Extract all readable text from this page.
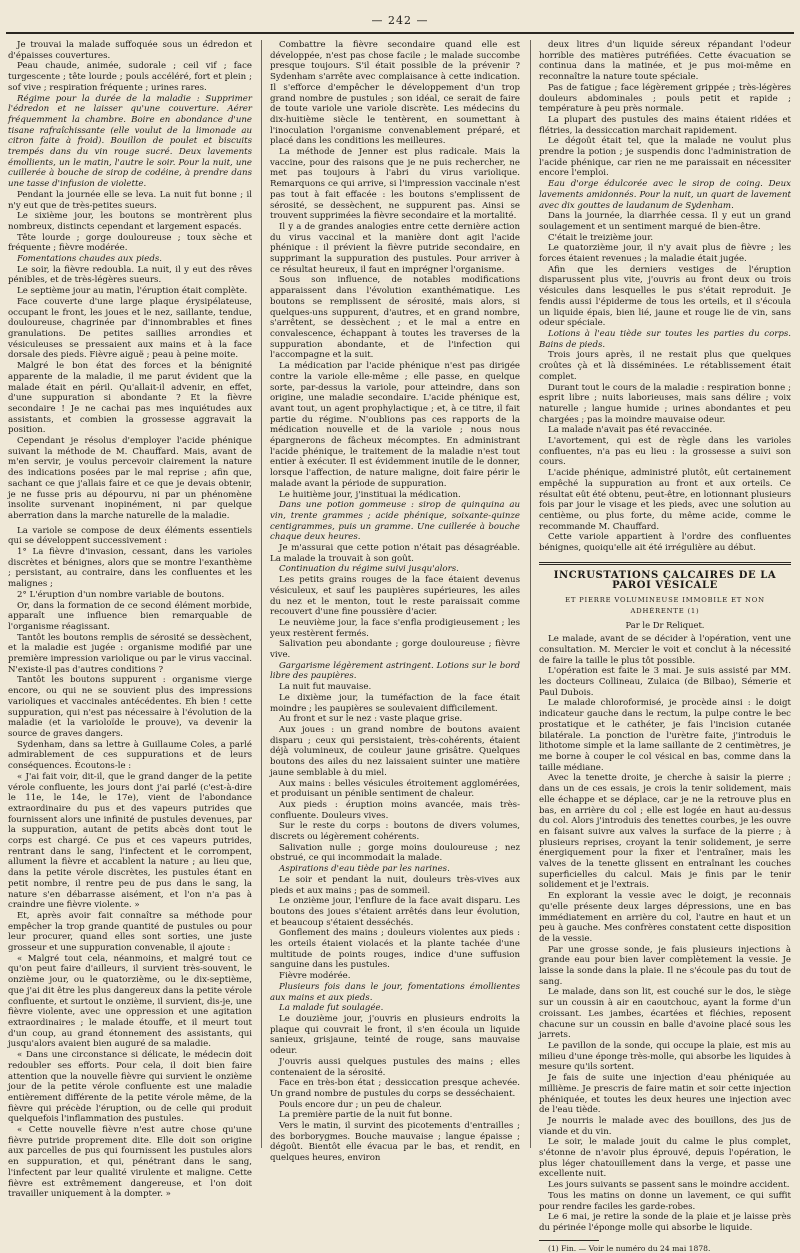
— 242 —

Je trouvai la malade suffoquée sous un édredon et d'épaisses couvertures.

Peau chaude, animée, sudorale ; ceil vif ; face turgescente ; tête lourde ; pouls accéléré, fort et plein ; sof vive ; respiration fréquente ; urines rares.

Régime pour la durée de la maladie : Supprimer l'édredon et ne laisser qu'une couverture. Aérer fréquemment la chambre. Boire en abondance d'une tisane rafraîchissante (elle voulut de la limonade au citron faite à froid). Bouillon de poulet et biscuits trempés dans du vin rouge sucré. Deux lavements émollients, un le matin, l'autre le soir. Pour la nuit, une cuillerée à bouche de sirop de codéine, à prendre dans une tasse d'infusion de violette.

Pendant la journée elle se leva. La nuit fut bonne ; il n'y eut que de très-petites sueurs.

Le sixième jour, les boutons se montrèrent plus nombreux, distincts cependant et largement espacés.

Tête lourde ; gorge douloureuse ; toux sèche et fréquente ; fièvre modérée.

Fomentations chaudes aux pieds.

Le soir, la fièvre redoubla. La nuit, il y eut des rêves pénibles, et de très-légères sueurs.

Le septième jour au matin, l'éruption était complète.

Face couverte d'une large plaque érysipélateuse, occupant le front, les joues et le nez, saillante, tendue, douloureuse, chagrinée par d'innombrables et fines granulations. De petites saillies arrondies et vésiculeuses se pressaient aux mains et à la face dorsale des pieds. Fièvre aiguë ; peau à peine moite.

Malgré le bon état des forces et la bénignité apparente de la maladie, il me parut évident que la malade était en péril. Qu'allait-il advenir, en effet, d'une suppuration si abondante ? Et la fièvre secondaire ! Je ne cachai pas mes inquiétudes aux assistants, et combien la grossesse aggravait la position.

Cependant je résolus d'employer l'acide phénique suivant la méthode de M. Chauffard. Mais, avant de m'en servir, je voulus percevoir clairement la nature des indications posées par le mal reprise ; afin que, sachant ce que j'allais faire et ce que je devais obtenir, je ne fusse pris au dépourvu, ni par un phénomène insolite survenant inopinément, ni par quelque aberration dans la marche naturelle de la maladie.

La variole se compose de deux éléments essentiels qui se développent successivement :

1° La fièvre d'invasion, cessant, dans les varioles discrètes et bénignes, alors que se montre l'exanthème ; persistant, au contraire, dans les confluentes et les malignes ;

2° L'éruption d'un nombre variable de boutons.

Or, dans la formation de ce second élément morbide, apparaît une influence bien remarquable de l'organisme réagissant.

Tantôt les boutons remplis de sérosité se dessèchent, et la maladie est jugée : organisme modifié par une première impression variolique ou par le virus vaccinal. N'existe-il pas d'autres conditions ?

Tantôt les boutons suppurent : organisme vierge encore, ou qui ne se souvient plus des impressions varioliques et vaccinales antécédentes. Eh bien ! cette suppuration, qui n'est pas nécessaire à l'évolution de la maladie (et la varioloïde le prouve), va devenir la source de graves dangers.

Sydenham, dans sa lettre à Guillaume Coles, a parlé admirablement de ces suppurations et de leurs conséquences. Écoutons-le :

« J'ai fait voir, dit-il, que le grand danger de la petite vérole confluente, les jours dont j'ai parlé (c'est-à-dire le 11e, le 14e, le 17e), vient de l'abondance extraordinaire du pus et des vapeurs putrides que fournissent alors une infinité de pustules devenues, par la suppuration, autant de petits abcès dont tout le corps est chargé. Ce pus et ces vapeurs putrides, rentrant dans le sang, l'infectent et le corrompent, allument la fièvre et accablent la nature ; au lieu que, dans la petite vérole discrètes, les pustules étant en petit nombre, il rentre peu de pus dans le sang, la nature s'en débarrasse aisément, et l'on n'a pas à craindre une fièvre violente. »

Et, après avoir fait connaître sa méthode pour empêcher la trop grande quantité de pustules ou pour leur procurer, quand elles sont sorties, une juste grosseur et une suppuration convenable, il ajoute :

« Malgré tout cela, néanmoins, et malgré tout ce qu'on peut faire d'ailleurs, il survient très-souvent, le onzième jour, ou le quatorzième, ou le dix-septième, que j'ai dit être les plus dangereux dans la petite vérole confluente, et surtout le onzième, il survient, dis-je, une fièvre violente, avec une oppression et une agitation extraordinaires ; le malade étouffe, et il meurt tout d'un coup, au grand étonnement des assistants, qui jusqu'alors avaient bien auguré de sa maladie.

« Dans une circonstance si délicate, le médecin doit redoubler ses efforts. Pour cela, il doit bien faire attention que la nouvelle fièvre qui survient le onzième jour de la petite vérole confluente est une maladie entièrement différente de la petite vérole même, de la fièvre qui précède l'éruption, ou de celle qui produit quelquefois l'inflammation des pustules.

« Cette nouvelle fièvre n'est autre chose qu'une fièvre putride proprement dite. Elle doit son origine aux parcelles de pus qui fournissent les pustules alors en suppuration, et qui, pénétrant dans le sang, l'infectent par leur qualité virulente et maligne. Cette fièvre est extrêmement dangereuse, et l'on doit travailler uniquement à la dompter. »

Combattre la fièvre secondaire quand elle est développée, n'est pas chose facile ; le malade succombe presque toujours. S'il était possible de la prévenir ? Sydenham s'arrête avec complaisance à cette indication. Il s'efforce d'empêcher le développement d'un trop grand nombre de pustules ; son idéal, ce serait de faire de toute variole une variole discrète. Les médecins du dix-huitième siècle le tentèrent, en soumettant à l'inoculation l'organisme convenablement préparé, et placé dans les conditions les meilleures.

La méthode de Jenner est plus radicale. Mais la vaccine, pour des raisons que je ne puis rechercher, ne met pas toujours à l'abri du virus variolique. Remarquons ce qui arrive, si l'impression vaccinale n'est pas tout à fait effacée : les boutons s'emplissent de sérosité, se dessèchent, ne suppurent pas. Ainsi se trouvent supprimées la fièvre secondaire et la mortalité.

Il y a de grandes analogies entre cette dernière action du virus vaccinal et la manière dont agit l'acide phénique : il prévient la fièvre putride secondaire, en supprimant la suppuration des pustules. Pour arriver à ce résultat heureux, il faut en imprégner l'organisme.

Sous son influence, de notables modifications apparaissent dans l'évolution exanthématique. Les boutons se remplissent de sérosité, mais alors, si quelques-uns suppurent, d'autres, et en grand nombre, s'arrêtent, se dessèchent ; et le mal a entre en convalescence, échappant à toutes les traverses de la suppuration abondante, et de l'infection qui l'accompagne et la suit.

La médication par l'acide phénique n'est pas dirigée contre la variole elle-même ; elle passe, en quelque sorte, par-dessus la variole, pour atteindre, dans son origine, une maladie secondaire. L'acide phénique est, avant tout, un agent prophylactique ; et, à ce titre, il fait partie du régime. N'oublions pas ces rapports de la médication nouvelle et de la variole ; nous nous épargnerons de fâcheux mécomptes. En administrant l'acide phénique, le traitement de la maladie n'est tout entier à exécuter. Il est évidemment inutile de le donner, lorsque l'affection, de nature maligne, doit faire périr le malade avant la période de suppuration.

Le huitième jour, j'instituai la médication.

Dans une potion gommeuse : sirop de quinquina au vin, trente grammes ; acide phénique, soixante-quinze centigrammes, puis un gramme. Une cuillerée à bouche chaque deux heures.

Je m'assurai que cette potion n'était pas désagréable. La malade la trouvait à son goût.

Continuation du régime suivi jusqu'alors.

Les petits grains rouges de la face étaient devenus vésiculeux, et sauf les paupières supérieures, les ailes du nez et le menton, tout le reste paraissait comme recouvert d'une fine poussière d'acier.

Le neuvième jour, la face s'enfla prodigieusement ; les yeux restèrent fermés.

Salivation peu abondante ; gorge douloureuse ; fièvre vive.

Gargarisme légèrement astringent. Lotions sur le bord libre des paupières.

La nuit fut mauvaise.

Le dixième jour, la tuméfaction de la face était moindre ; les paupières se soulevaient difficilement.

Au front et sur le nez : vaste plaque grise.

Aux joues : un grand nombre de boutons avaient disparu ; ceux qui persistaient, très-cohérents, étaient déjà volumineux, de couleur jaune grisâtre. Quelques boutons des ailes du nez laissaient suinter une matière jaune semblable à du miel.

Aux mains : belles vésicules étroitement agglomérées, et produisant un pénible sentiment de chaleur.

Aux pieds : éruption moins avancée, mais très-confluente. Douleurs vives.

Sur le reste du corps : boutons de divers volumes, discrets ou légèrement cohérents.

Salivation nulle ; gorge moins douloureuse ; nez obstrué, ce qui incommodait la malade.

Aspirations d'eau tiède par les narines.

Le soir et pendant la nuit, douleurs très-vives aux pieds et aux mains ; pas de sommeil.

Le onzième jour, l'enflure de la face avait disparu. Les boutons des joues s'étaient arrêtés dans leur évolution, et beaucoup s'étaient desséchés.

Gonflement des mains ; douleurs violentes aux pieds : les orteils étaient violacés et la plante tachée d'une multitude de points rouges, indice d'une suffusion sanguine dans les pustules.

Fièvre modérée.

Plusieurs fois dans le jour, fomentations émollientes aux mains et aux pieds.

La malade fut soulagée.

Le douzième jour, j'ouvris en plusieurs endroits la plaque qui couvrait le front, il s'en écoula un liquide sanieux, grisjaune, teinté de rouge, sans mauvaise odeur.

J'ouvris aussi quelques pustules des mains ; elles contenaient de la sérosité.

Face en très-bon état ; dessiccation presque achevée. Un grand nombre de pustules du corps se desséchaient.

Pouls encore dur ; un peu de chaleur.

La première partie de la nuit fut bonne.

Vers le matin, il survint des picotements d'entrailles ; des borborygmes. Bouche mauvaise ; langue épaisse ; dégoût. Bientôt elle évacua par le bas, et rendit, en quelques heures, environ

deux litres d'un liquide séreux répandant l'odeur horrible des matières putréfiées. Cette évacuation se continua dans la matinée, et je pus moi-même en reconnaître la nature toute spéciale.

Pas de fatigue ; face légèrement grippée ; très-légères douleurs abdominales ; pouls petit et rapide ; température à peu près normale.

La plupart des pustules des mains étaient ridées et flétries, la dessiccation marchait rapidement.

Le dégoût était tel, que la malade ne voulut plus prendre la potion ; je suspendis donc l'administration de l'acide phénique, car rien ne me paraissait en nécessiter encore l'emploi.

Eau d'orge édulcorée avec le sirop de coing. Deux lavements amidonnés. Pour la nuit, un quart de lavement avec dix gouttes de laudanum de Sydenham.

Dans la journée, la diarrhée cessa. Il y eut un grand soulagement et un sentiment marqué de bien-être.

C'était le treizième jour.

Le quatorzième jour, il n'y avait plus de fièvre ; les forces étaient revenues ; la maladie était jugée.

Afin que les derniers vestiges de l'éruption disparussent plus vite, j'ouvris au front deux ou trois vésicules dans lesquelles le pus s'était reproduit. Je fendis aussi l'épiderme de tous les orteils, et il s'écoula un liquide épais, bien lié, jaune et rouge lie de vin, sans odeur spéciale.

Lotions à l'eau tiède sur toutes les parties du corps. Bains de pieds.

Trois jours après, il ne restait plus que quelques croûtes çà et là disséminées. Le rétablissement était complet.

Durant tout le cours de la maladie : respiration bonne ; esprit libre ; nuits laborieuses, mais sans délire ; voix naturelle ; langue humide ; urines abondantes et peu chargées ; pas la moindre mauvaise odeur.

La malade n'avait pas été revaccinée.

L'avortement, qui est de règle dans les varioles confluentes, n'a pas eu lieu : la grossesse a suivi son cours.

L'acide phénique, administré plutôt, eût certainement empêché la suppuration au front et aux orteils. Ce résultat eût été obtenu, peut-être, en lotionnant plusieurs fois par jour le visage et les pieds, avec une solution au centième, ou plus forte, du même acide, comme le recommande M. Chauffard.

Cette variole appartient à l'ordre des confluentes bénignes, quoiqu'elle ait été irrégulière au début.

INCRUSTATIONS CALCAIRES DE LA PAROI VÉSICALE
ET PIERRE VOLUMINEUSE IMMOBILE ET NON ADHÉRENTE (1)
Par le Dr Reliquet.

Le malade, avant de se décider à l'opération, vent une consultation. M. Mercier le voit et conclut à la nécessité de faire la taille le plus tôt possible.

L'opération est faite le 3 mai. Je suis assisté par MM. les docteurs Collineau, Zulaica (de Bilbao), Sémerie et Paul Dubois.

Le malade chloroformisé, je procède ainsi : le doigt indicateur gauche dans le rectum, la pulpe contre le bec prostatique et le cathéter, je fais l'incision cutanée bilatérale. La ponction de l'urètre faite, j'introduis le lithotome simple et la lame saillante de 2 centimètres, je me borne à couper le col vésical en bas, comme dans la taille médiane.

Avec la tenette droite, je cherche à saisir la pierre ; dans un de ces essais, je crois la tenir solidement, mais elle échappe et se déplace, car je ne la retrouve plus en bas, en arrière du col ; elle est logée en haut au-dessus du col. Alors j'introduis des tenettes courbes, je les ouvre en faisant suivre aux valves la surface de la pierre ; à plusieurs reprises, croyant la tenir solidement, je serre énergiquement pour la fixer et l'entraîner, mais les valves de la tenette glissent en entraînant les couches superficielles du calcul. Mais je finis par le tenir solidement et je l'extrais.

En explorant la vessie avec le doigt, je reconnais qu'elle présente deux larges dépressions, une en bas immédiatement en arrière du col, l'autre en haut et un peu à gauche. Mes confrères constatent cette disposition de la vessie.

Par une grosse sonde, je fais plusieurs injections à grande eau pour bien laver complètement la vessie. Je laisse la sonde dans la plaie. Il ne s'écoule pas du tout de sang.

Le malade, dans son lit, est couché sur le dos, le siège sur un coussin à air en caoutchouc, ayant la forme d'un croissant. Les jambes, écartées et fléchies, reposent chacune sur un coussin en balle d'avoine placé sous les jarrets.

Le pavillon de la sonde, qui occupe la plaie, est mis au milieu d'une éponge très-molle, qui absorbe les liquides à mesure qu'ils sortent.

Je fais de suite une injection d'eau phéniquée au millième. Je prescris de faire matin et soir cette injection phéniquée, et toutes les deux heures une injection avec de l'eau tiède.

Je nourris le malade avec des bouillons, des jus de viande et du vin.

Le soir, le malade jouit du calme le plus complet, s'étonne de n'avoir plus éprouvé, depuis l'opération, le plus léger chatouillement dans la verge, et passe une excellente nuit.

Les jours suivants se passent sans le moindre accident.

Tous les matins on donne un lavement, ce qui suffit pour rendre faciles les garde-robes.

Le 6 mai, je retire la sonde de la plaie et je laisse près du périnée l'éponge molle qui absorbe le liquide.

(1) Fin. — Voir le numéro du 24 mai 1878.
